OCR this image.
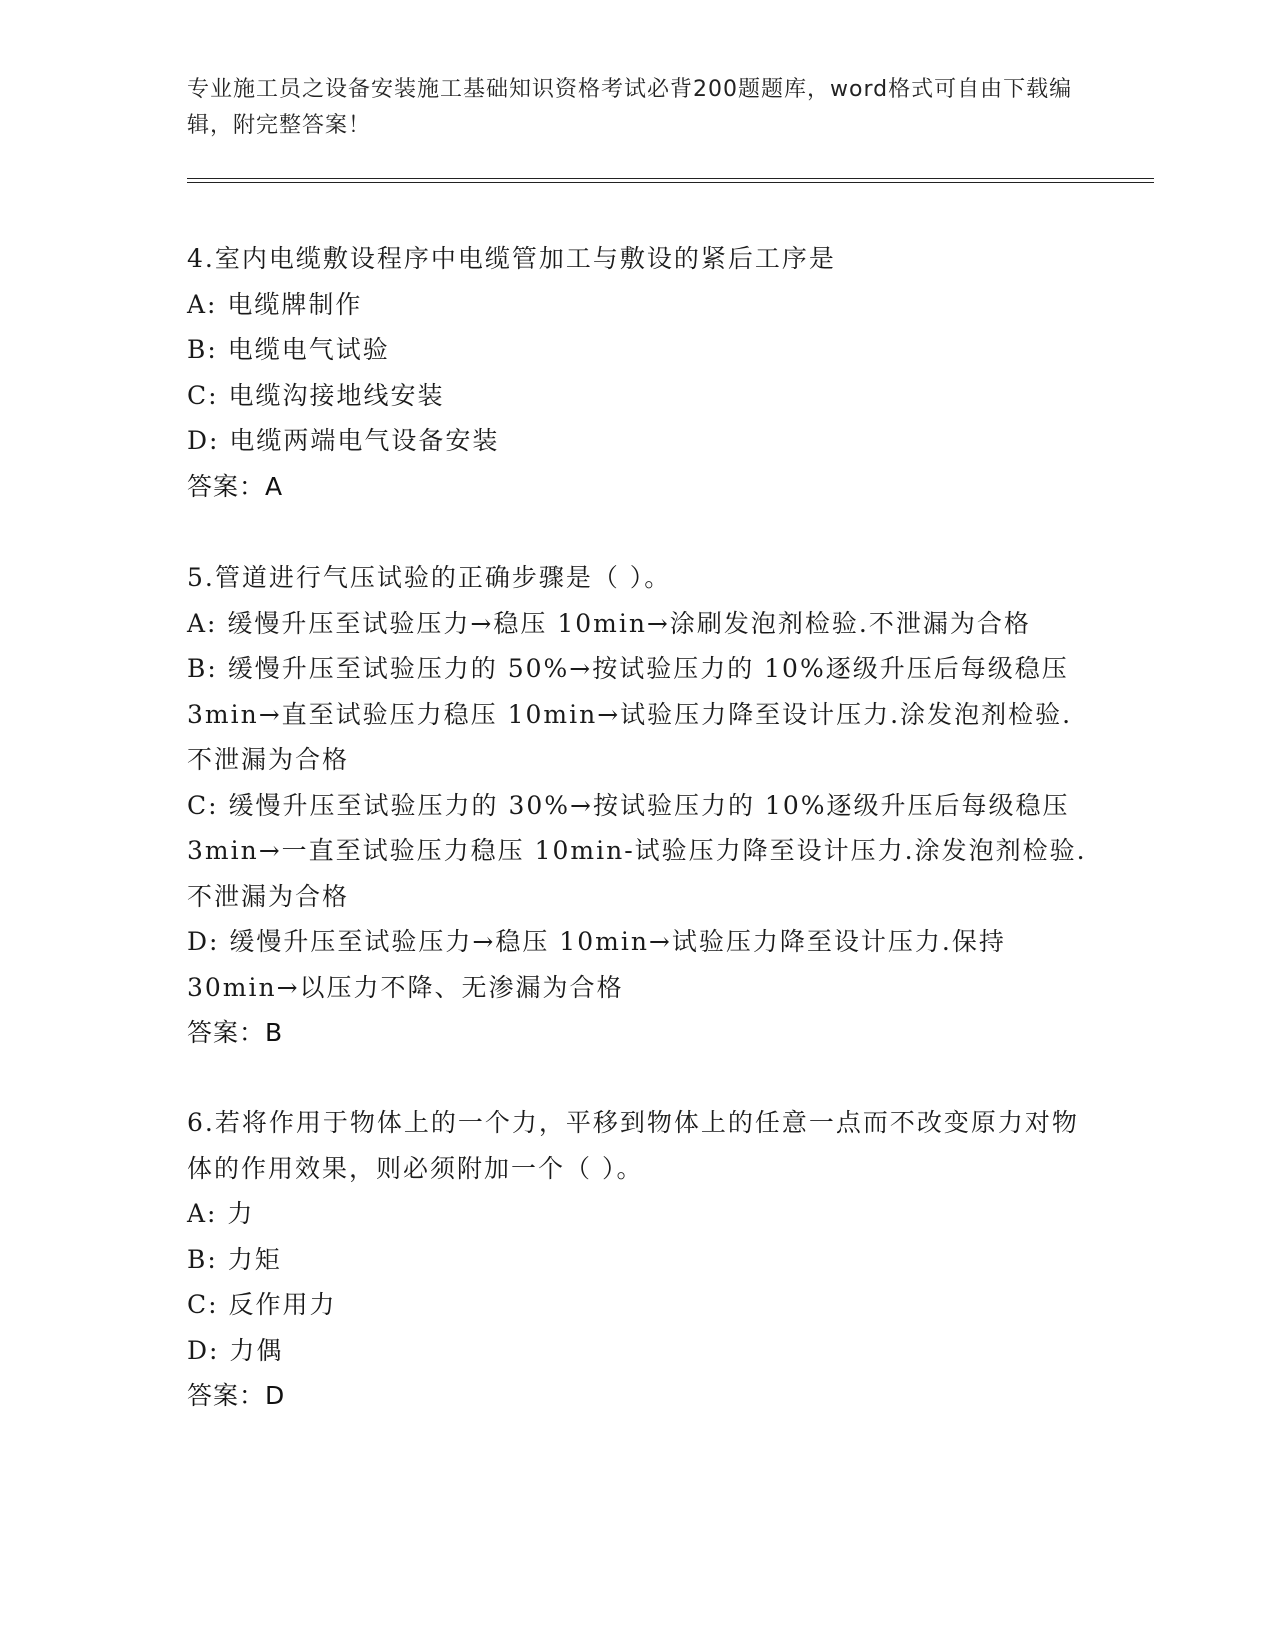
专业施工员之设备安装施工基础知识资格考试必背200题题库，word格式可自由下载编辑，附完整答案！
4.室内电缆敷设程序中电缆管加工与敷设的紧后工序是
A: 电缆牌制作
B: 电缆电气试验
C: 电缆沟接地线安装
D: 电缆两端电气设备安装
答案：A
5.管道进行气压试验的正确步骤是（ ）。
A: 缓慢升压至试验压力→稳压 10min→涂刷发泡剂检验.不泄漏为合格
B: 缓慢升压至试验压力的 50%→按试验压力的 10%逐级升压后每级稳压 3min→直至试验压力稳压 10min→试验压力降至设计压力.涂发泡剂检验.不泄漏为合格
C: 缓慢升压至试验压力的 30%→按试验压力的 10%逐级升压后每级稳压 3min→一直至试验压力稳压 10min-试验压力降至设计压力.涂发泡剂检验.不泄漏为合格
D: 缓慢升压至试验压力→稳压 10min→试验压力降至设计压力.保持 30min→以压力不降、无渗漏为合格
答案：B
6.若将作用于物体上的一个力，平移到物体上的任意一点而不改变原力对物体的作用效果，则必须附加一个（ ）。
A: 力
B: 力矩
C: 反作用力
D: 力偶
答案：D
